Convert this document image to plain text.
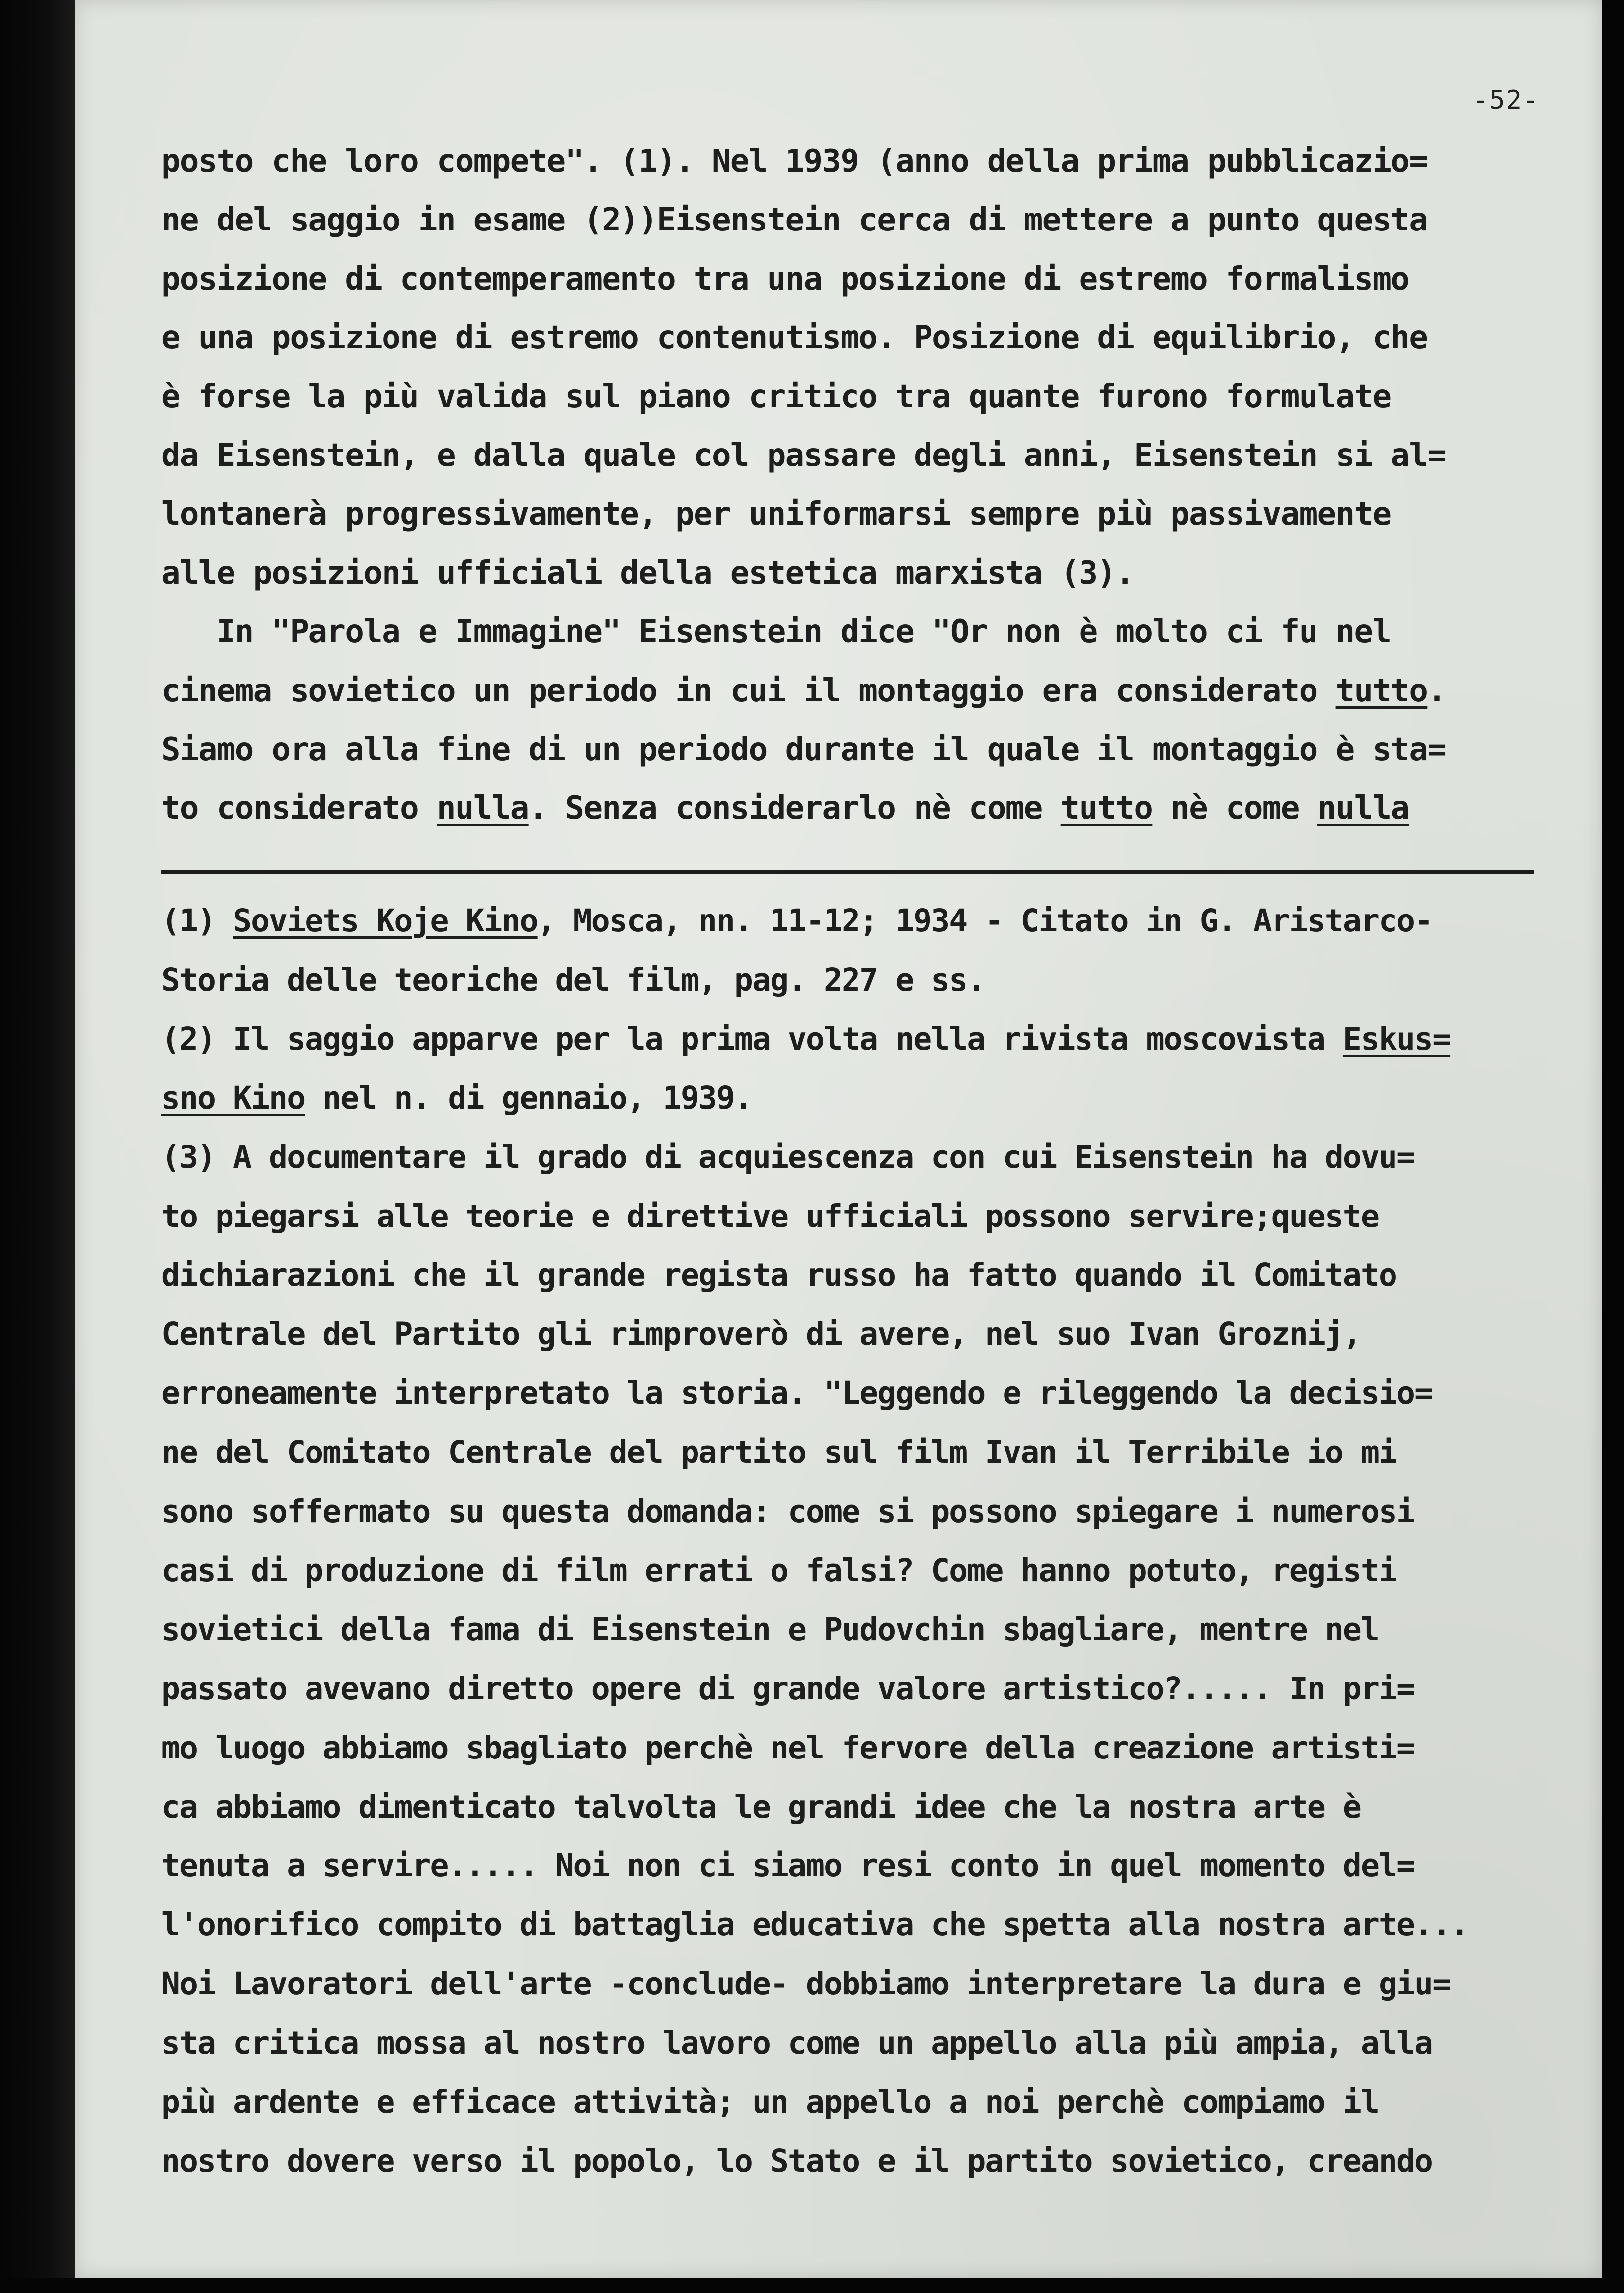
-52-
posto che loro compete". (1). Nel 1939 (anno della prima pubblicazio=
ne del saggio in esame (2))Eisenstein cerca di mettere a punto questa
posizione di contemperamento tra una posizione di estremo formalismo
e una posizione di estremo contenutismo. Posizione di equilibrio, che
è forse la più valida sul piano critico tra quante furono formulate
da Eisenstein, e dalla quale col passare degli anni, Eisenstein si al=
lontanerà progressivamente, per uniformarsi sempre più passivamente
alle posizioni ufficiali della estetica marxista (3).
In "Parola e Immagine" Eisenstein dice "Or non è molto ci fu nel
cinema sovietico un periodo in cui il montaggio era considerato tutto.
Siamo ora alla fine di un periodo durante il quale il montaggio è sta=
to considerato nulla. Senza considerarlo nè come tutto nè come nulla
(1) Soviets Koje Kino, Mosca, nn. 11-12; 1934 - Citato in G. Aristarco-
Storia delle teoriche del film, pag. 227 e ss.
(2) Il saggio apparve per la prima volta nella rivista moscovista Eskus=
sno Kino nel n. di gennaio, 1939.
(3) A documentare il grado di acquiescenza con cui Eisenstein ha dovu=
to piegarsi alle teorie e direttive ufficiali possono servire;queste
dichiarazioni che il grande regista russo ha fatto quando il Comitato
Centrale del Partito gli rimproverò di avere, nel suo Ivan Groznij,
erroneamente interpretato la storia. "Leggendo e rileggendo la decisio=
ne del Comitato Centrale del partito sul film Ivan il Terribile io mi
sono soffermato su questa domanda: come si possono spiegare i numerosi
casi di produzione di film errati o falsi? Come hanno potuto, registi
sovietici della fama di Eisenstein e Pudovchin sbagliare, mentre nel
passato avevano diretto opere di grande valore artistico?..... In pri=
mo luogo abbiamo sbagliato perchè nel fervore della creazione artisti=
ca abbiamo dimenticato talvolta le grandi idee che la nostra arte è
tenuta a servire..... Noi non ci siamo resi conto in quel momento del=
l'onorifico compito di battaglia educativa che spetta alla nostra arte...
Noi Lavoratori dell'arte -conclude- dobbiamo interpretare la dura e giu=
sta critica mossa al nostro lavoro come un appello alla più ampia, alla
più ardente e efficace attività; un appello a noi perchè compiamo il
nostro dovere verso il popolo, lo Stato e il partito sovietico, creando
